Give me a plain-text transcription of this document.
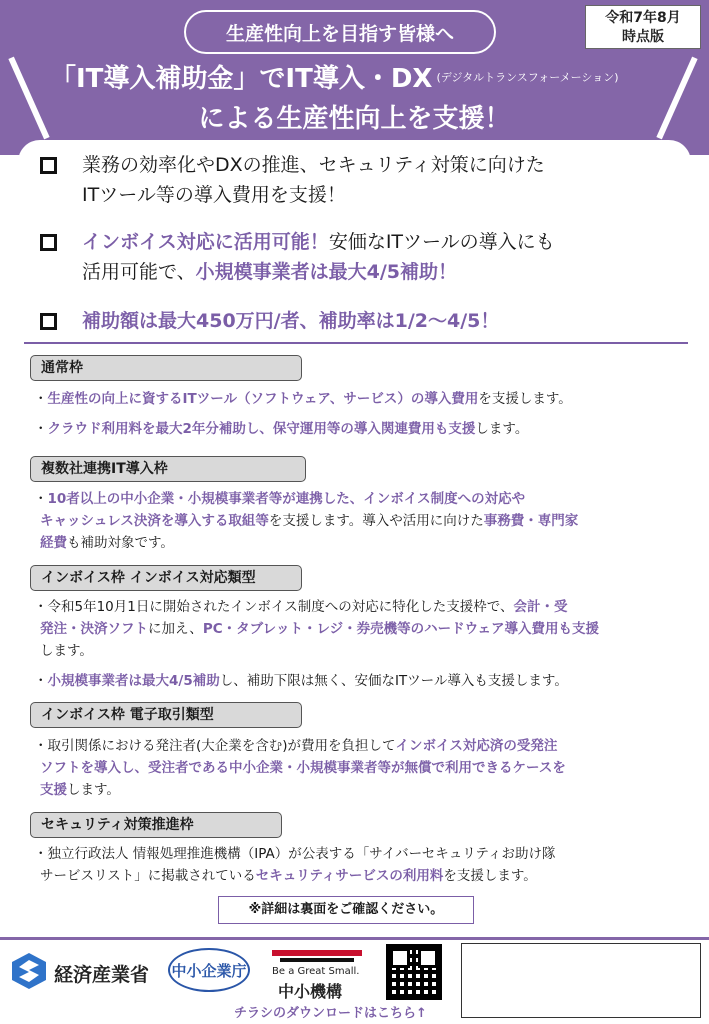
生産性向上を目指す皆様へ
令和7年8月
時点版
「IT導入補助金」でIT導入・DX $^{(デジタルトランスフォーメーション)}$
による生産性向上を支援！
業務の効率化やDXの推進、セキュリティ対策に向けた
ITツール等の導入費用を支援！
インボイス対応に活用可能！安価なITツールの導入にも
活用可能で、小規模事業者は最大4/5補助！
補助額は最大450万円/者、補助率は1/2～4/5！
通常枠
・生産性の向上に資するITツール（ソフトウェア、サービス）の導入費用を支援します。
・クラウド利用料を最大2年分補助し、保守運用等の導入関連費用も支援します。
複数社連携IT導入枠
・10者以上の中小企業・小規模事業者等が連携した、インボイス制度への対応や
キャッシュレス決済を導入する取組等を支援します。導入や活用に向けた事務費・専門家
経費も補助対象です。
インボイス枠 インボイス対応類型
・令和5年10月1日に開始されたインボイス制度への対応に特化した支援枠で、会計・受
発注・決済ソフトに加え、PC・タブレット・レジ・券売機等のハードウェア導入費用も支援
します。
・小規模事業者は最大4/5補助し、補助下限は無く、安価なITツール導入も支援します。
インボイス枠 電子取引類型
・取引関係における発注者(大企業を含む)が費用を負担してインボイス対応済の受発注
ソフトを導入し、受注者である中小企業・小規模事業者等が無償で利用できるケースを
支援します。
セキュリティ対策推進枠
・独立行政法人 情報処理推進機構（IPA）が公表する「サイバーセキュリティお助け隊
サービスリスト」に掲載されているセキュリティサービスの利用料を支援します。
※詳細は裏面をご確認ください。
経済産業省 中小企業庁	Be a Great Small.
中小機構
チラシのダウンロードはこちら↑
